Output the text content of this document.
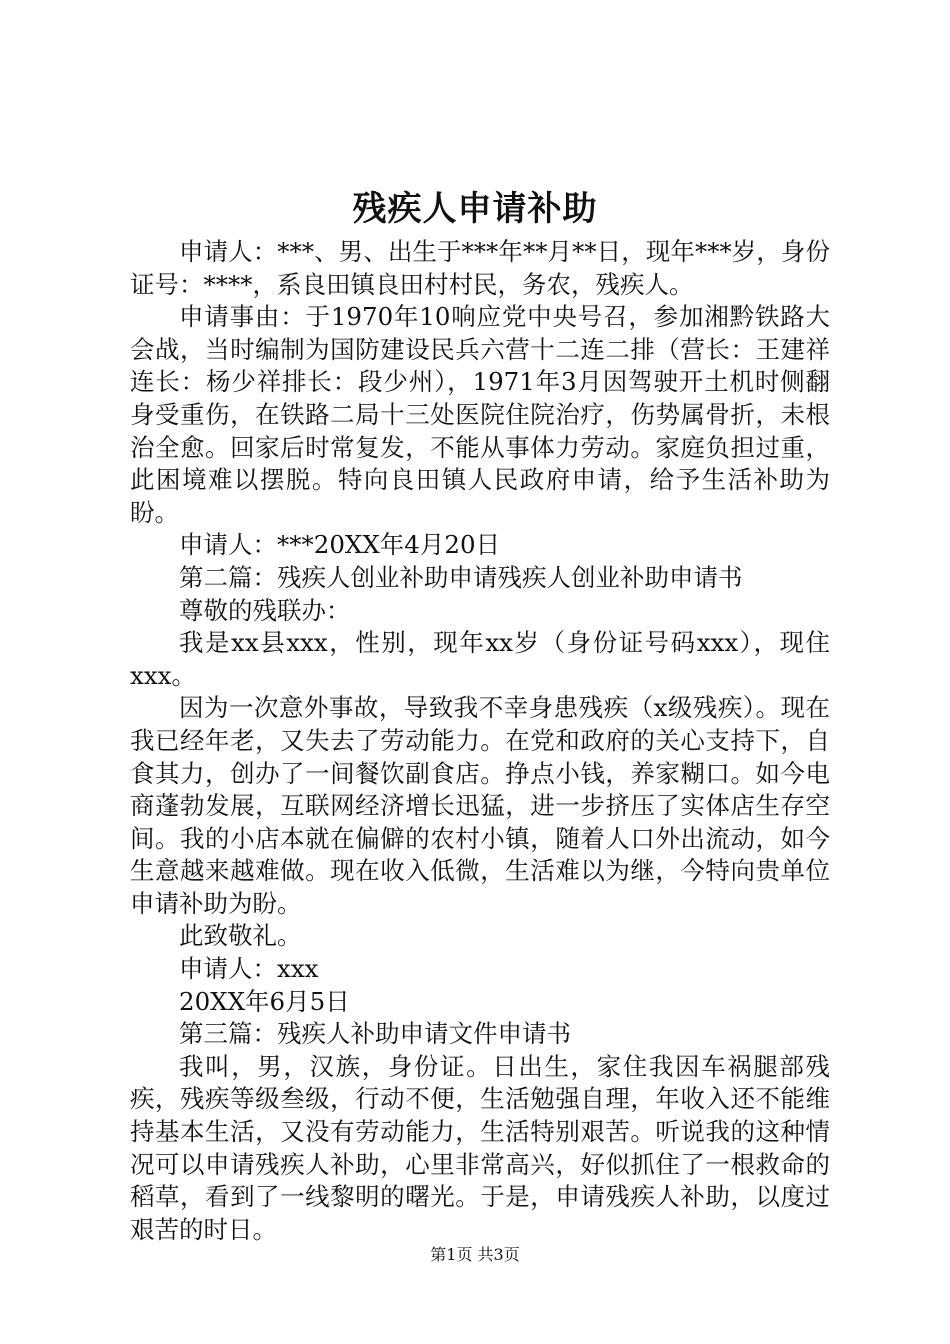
残疾人申请补助

申请人：***、男、出生于***年**月**日，现年***岁，身份证号：****，系良田镇良田村村民，务农，残疾人。

申请事由：于1970年10响应党中央号召，参加湘黔铁路大会战，当时编制为国防建设民兵六营十二连二排（营长：王建祥连长：杨少祥排长：段少州），1971年3月因驾驶开土机时侧翻身受重伤，在铁路二局十三处医院住院治疗，伤势属骨折，未根治全愈。回家后时常复发，不能从事体力劳动。家庭负担过重，此困境难以摆脱。特向良田镇人民政府申请，给予生活补助为盼。

申请人：***20XX年4月20日

第二篇：残疾人创业补助申请残疾人创业补助申请书

尊敬的残联办：

我是xx县xxx，性别，现年xx岁（身份证号码xxx），现住xxx。

因为一次意外事故，导致我不幸身患残疾（x级残疾）。现在我已经年老，又失去了劳动能力。在党和政府的关心支持下，自食其力，创办了一间餐饮副食店。挣点小钱，养家糊口。如今电商蓬勃发展，互联网经济增长迅猛，进一步挤压了实体店生存空间。我的小店本就在偏僻的农村小镇，随着人口外出流动，如今生意越来越难做。现在收入低微，生活难以为继，今特向贵单位申请补助为盼。

此致敬礼。

申请人：xxx

20XX年6月5日

第三篇：残疾人补助申请文件申请书

我叫，男，汉族，身份证。日出生，家住我因车祸腿部残疾，残疾等级叁级，行动不便，生活勉强自理，年收入还不能维持基本生活，又没有劳动能力，生活特别艰苦。听说我的这种情况可以申请残疾人补助，心里非常高兴，好似抓住了一根救命的稻草，看到了一线黎明的曙光。于是，申请残疾人补助，以度过艰苦的时日。

第1页 共3页
